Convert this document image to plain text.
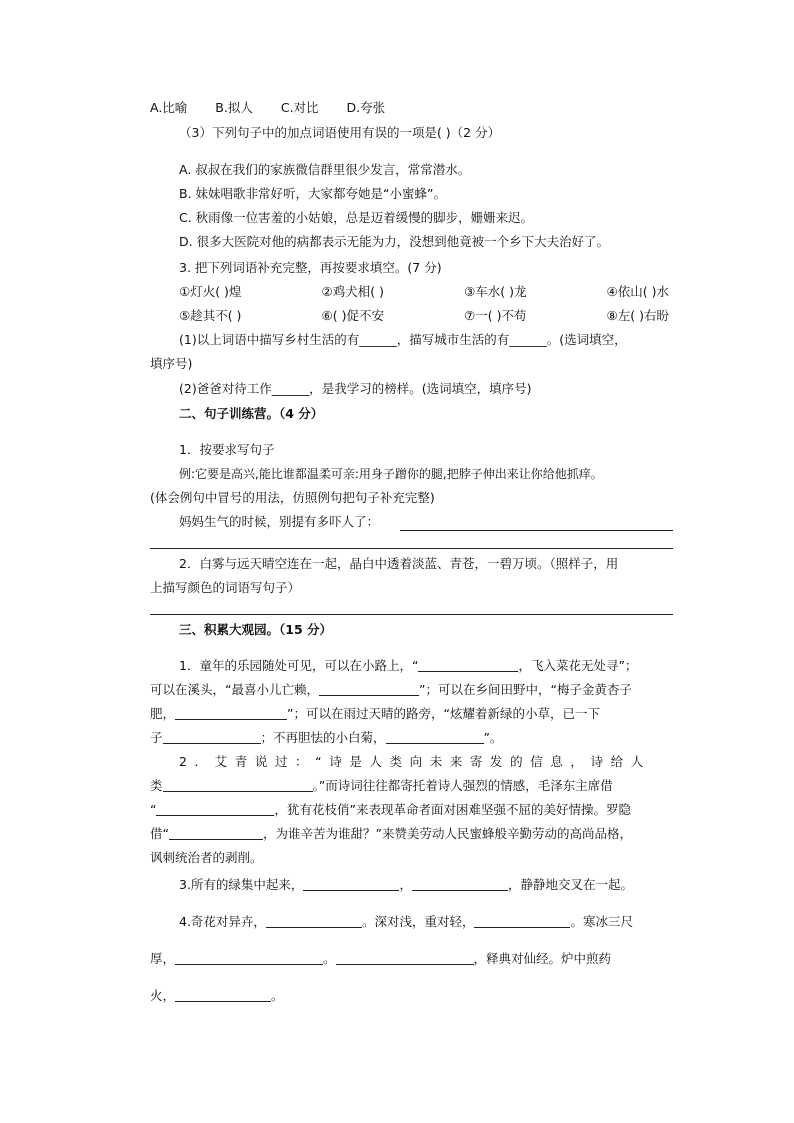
A.比喻 B.拟人 C.对比 D.夸张
（3）下列句子中的加点词语使用有误的一项是( )（2 分）
A. 叔叔在我们的家族微信群里很少发言，常常潜水。
B. 妹妹唱歌非常好听，大家都夸她是“小蜜蜂”。
C. 秋雨像一位害羞的小姑娘，总是迈着缓慢的脚步，姗姗来迟。
D. 很多大医院对他的病都表示无能为力，没想到他竟被一个乡下大夫治好了。
3. 把下列词语补充完整，再按要求填空。(7 分)
①灯火( )煌	②鸡犬相( )	③车水( )龙	④依山( )水
⑤趁其不( )	⑥( )促不安	⑦一( )不苟	⑧左( )右盼
(1)以上词语中描写乡村生活的有______，描写城市生活的有______。(选词填空，
填序号)
(2)爸爸对待工作______，是我学习的榜样。(选词填空，填序号)
二、句子训练营。（4 分）
1．按要求写句子
例:它要是高兴,能比谁都温柔可亲:用身子蹭你的腿,把脖子伸出来让你给他抓痒。
(体会例句中冒号的用法，仿照例句把句子补充完整)
妈妈生气的时候，别提有多吓人了：
2．白雾与远天晴空连在一起，晶白中透着淡蓝、青苍，一碧万顷。（照样子，用
上描写颜色的词语写句子）
三、积累大观园。（15 分）
1．童年的乐园随处可见，可以在小路上，“	，飞入菜花无处寻”；
可以在溪头，“最喜小儿亡赖，	”；可以在乡间田野中，“梅子金黄杏子
肥，	”；可以在雨过天晴的路旁，“炫耀着新绿的小草，已一下
子	；不再胆怯的小白菊，	”。
2．艾青说过：“诗是人类向未来寄发的信息，诗给人
类	。”而诗词往往都寄托着诗人强烈的情感，毛泽东主席借
“	，犹有花枝俏”来表现革命者面对困难坚强不屈的美好情操。罗隐
借“	，为谁辛苦为谁甜？”来赞美劳动人民蜜蜂般辛勤劳动的高尚品格，
讽刺统治者的剥削。
3.所有的绿集中起来，	，	，静静地交叉在一起。
4.奇花对异卉，	。深对浅，重对轻，	。寒冰三尺
厚，	。	，释典对仙经。炉中煎药
火，	。
